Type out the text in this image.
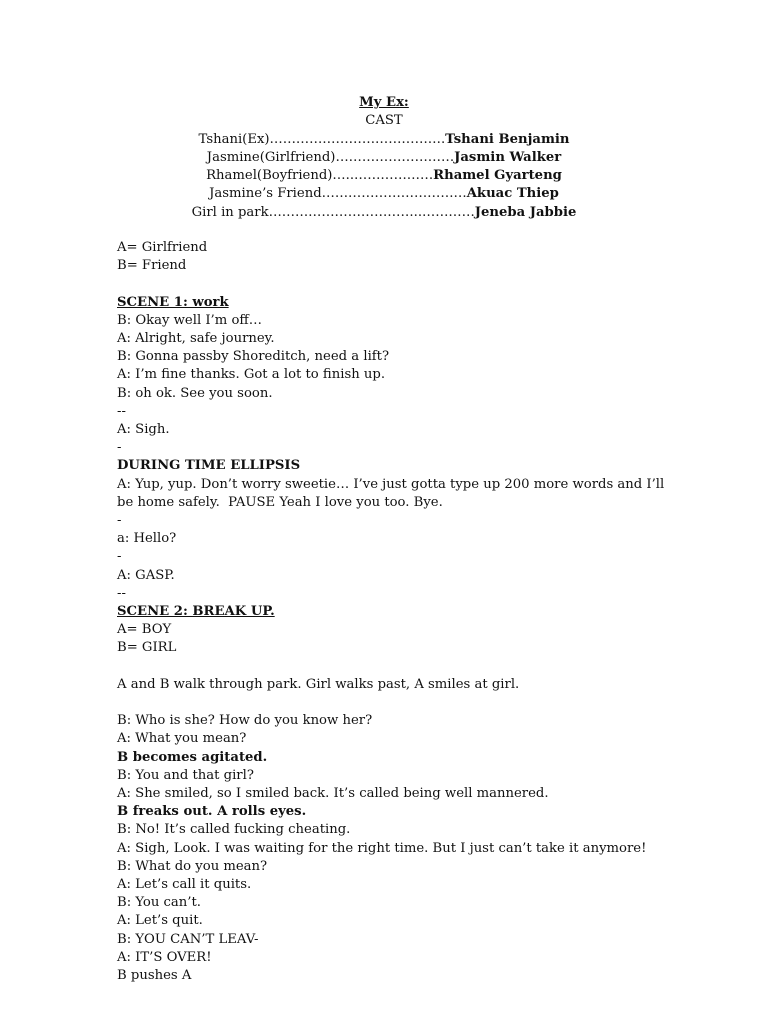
My Ex:
CAST
Tshani(Ex)………………………………….Tshani Benjamin
Jasmine(Girlfriend)………………………Jasmin Walker
Rhamel(Boyfriend)…..………………Rhamel Gyarteng
Jasmine’s Friend……………………………Akuac Thiep
Girl in park……………………………..…………Jeneba Jabbie
A= Girlfriend
B= Friend
SCENE 1: work
B: Okay well I’m off…
A: Alright, safe journey.
B: Gonna passby Shoreditch, need a lift?
A: I’m fine thanks. Got a lot to finish up.
B: oh ok. See you soon.
--
A: Sigh.
-
DURING TIME ELLIPSIS
A: Yup, yup. Don’t worry sweetie… I’ve just gotta type up 200 more words and I’ll be home safely.  PAUSE Yeah I love you too. Bye.
-
a: Hello?
-
A: GASP.
--
SCENE 2: BREAK UP.
A= BOY
B= GIRL
A and B walk through park. Girl walks past, A smiles at girl.
B: Who is she? How do you know her?
A: What you mean?
B becomes agitated.
B: You and that girl?
A: She smiled, so I smiled back. It’s called being well mannered.
B freaks out. A rolls eyes.
B: No! It’s called fucking cheating.
A: Sigh, Look. I was waiting for the right time. But I just can’t take it anymore!
B: What do you mean?
A: Let’s call it quits.
B: You can’t.
A: Let’s quit.
B: YOU CAN’T LEAV-
A: IT’S OVER!
B pushes A
